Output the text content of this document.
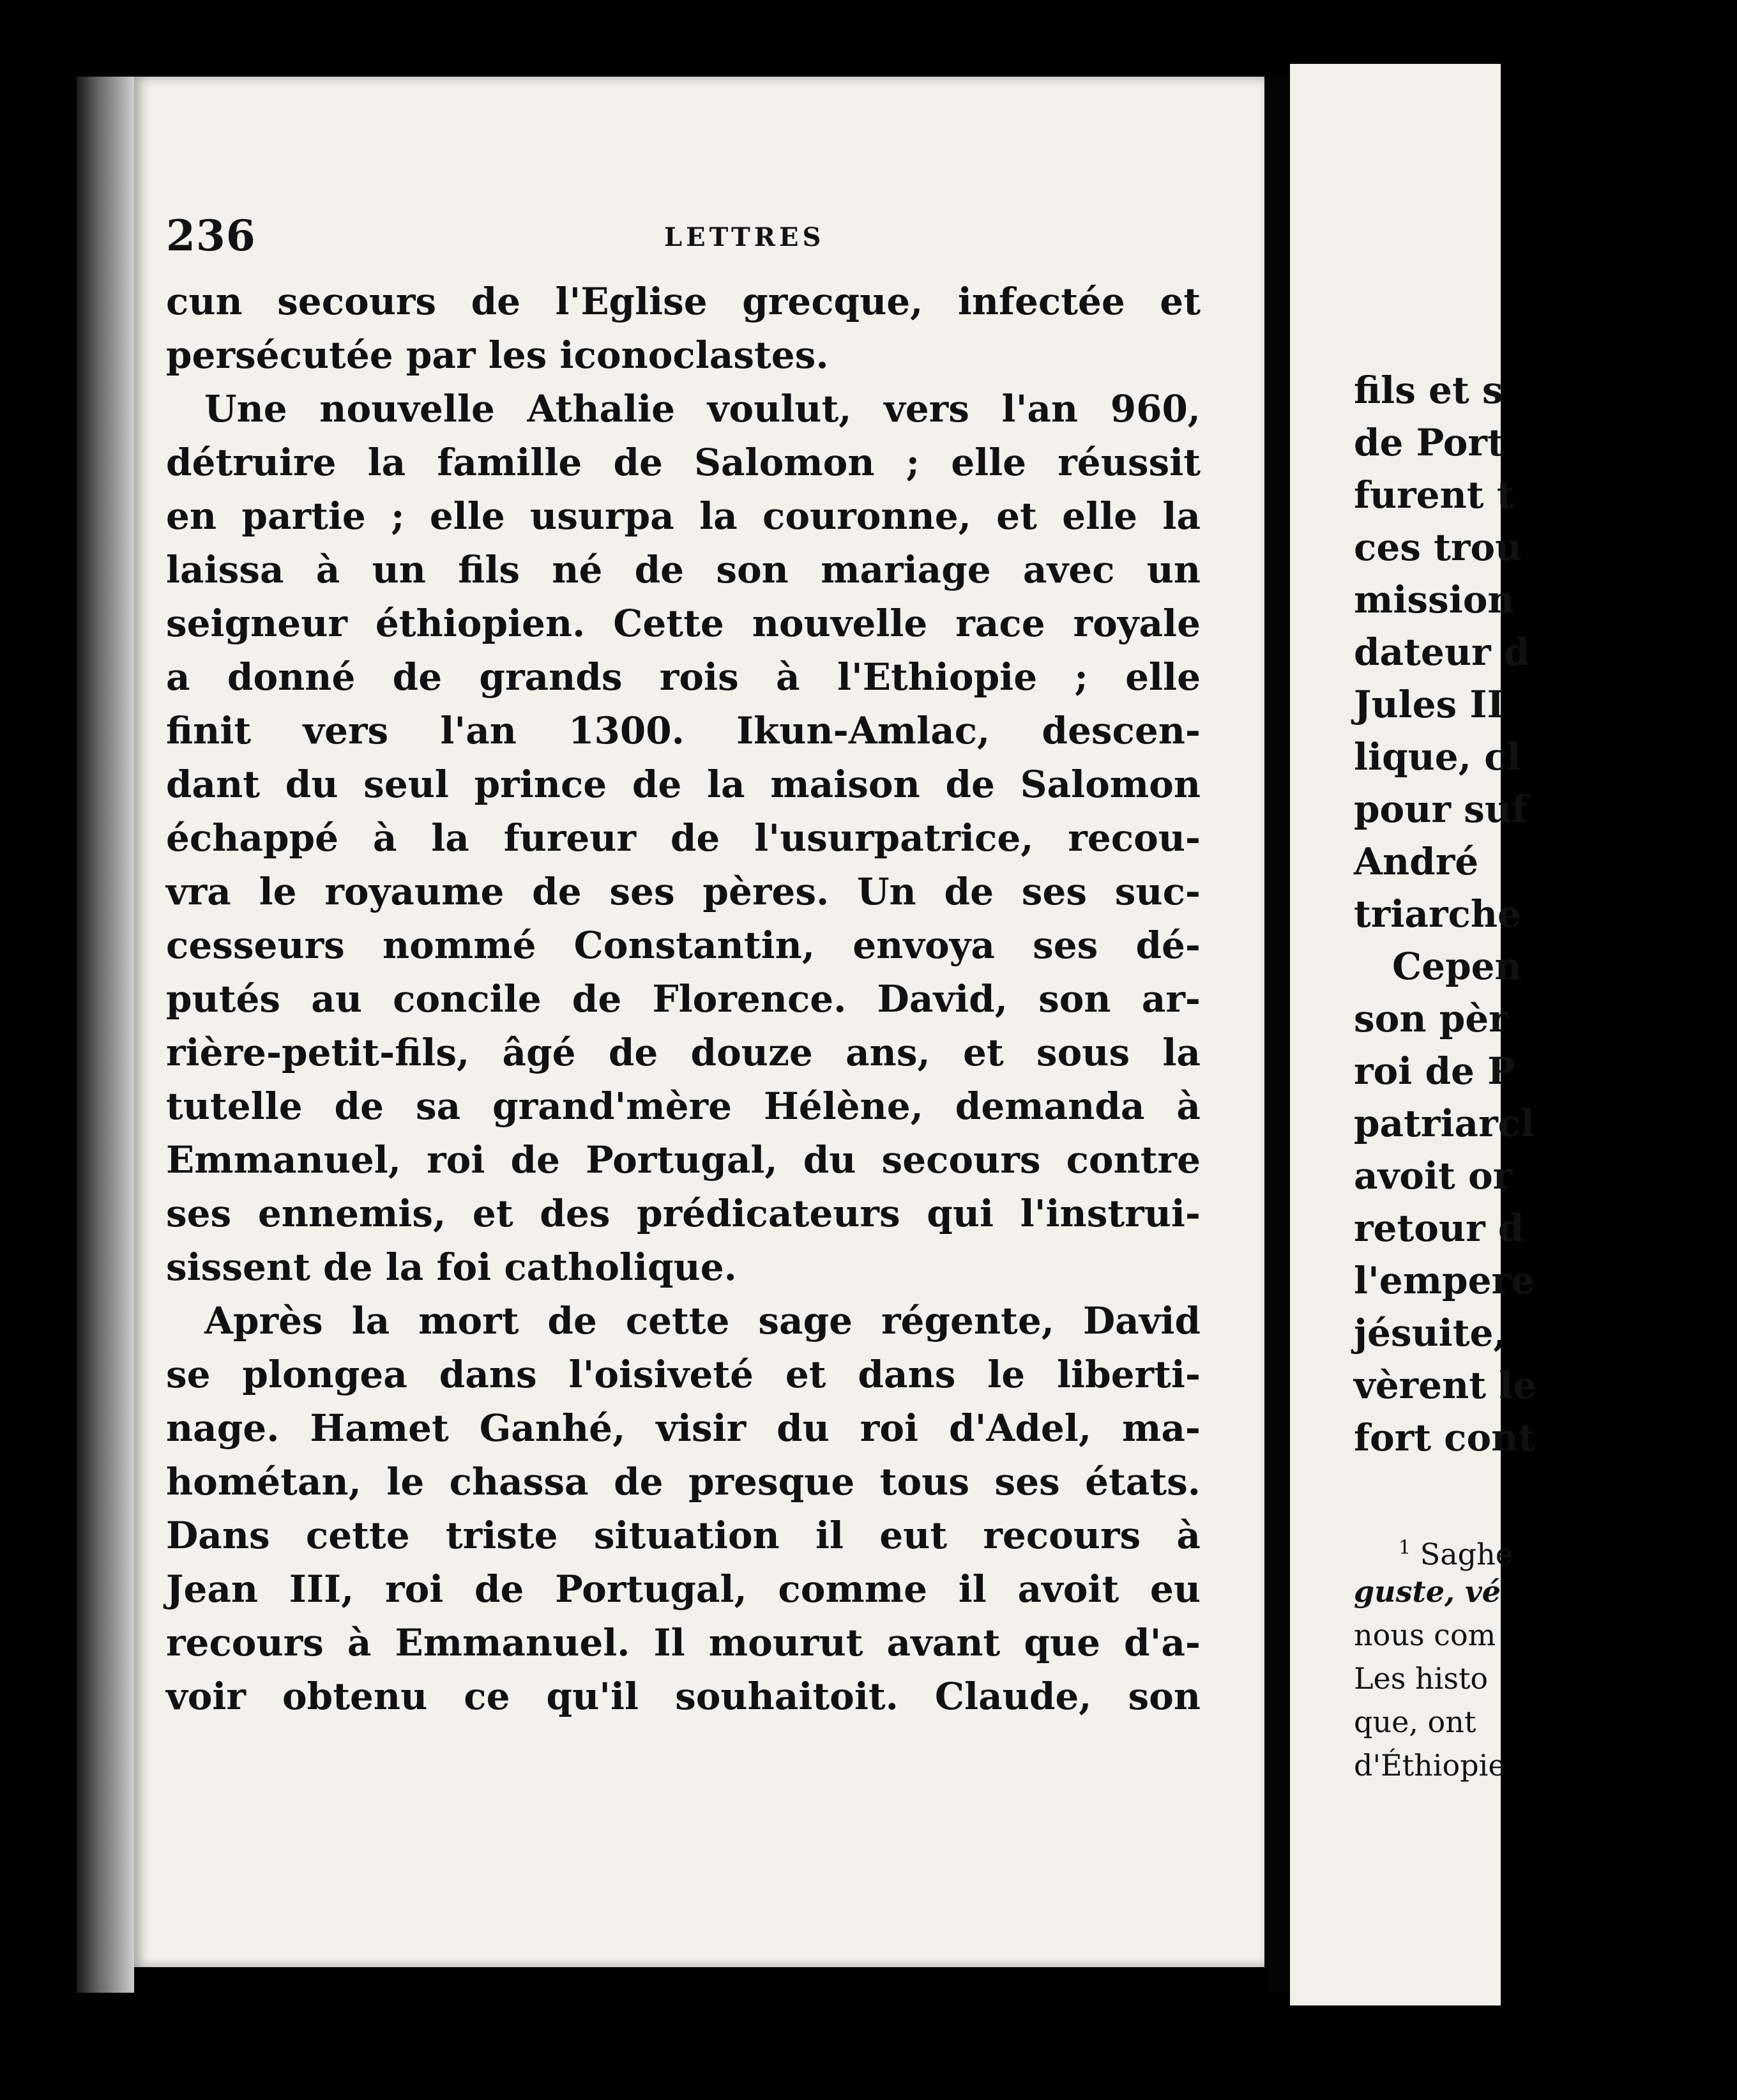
236	LETTRES
cun secours de l'Eglise grecque, infectée et
persécutée par les iconoclastes.
Une nouvelle Athalie voulut, vers l'an 960,
détruire la famille de Salomon ; elle réussit
en partie ; elle usurpa la couronne, et elle la
laissa à un fils né de son mariage avec un
seigneur éthiopien. Cette nouvelle race royale
a donné de grands rois à l'Ethiopie ; elle
finit vers l'an 1300. Ikun-Amlac, descen-
dant du seul prince de la maison de Salomon
échappé à la fureur de l'usurpatrice, recou-
vra le royaume de ses pères. Un de ses suc-
cesseurs nommé Constantin, envoya ses dé-
putés au concile de Florence. David, son ar-
rière-petit-fils, âgé de douze ans, et sous la
tutelle de sa grand'mère Hélène, demanda à
Emmanuel, roi de Portugal, du secours contre
ses ennemis, et des prédicateurs qui l'instrui-
sissent de la foi catholique.
Après la mort de cette sage régente, David
se plongea dans l'oisiveté et dans le liberti-
nage. Hamet Ganhé, visir du roi d'Adel, ma-
hométan, le chassa de presque tous ses états.
Dans cette triste situation il eut recours à
Jean III, roi de Portugal, comme il avoit eu
recours à Emmanuel. Il mourut avant que d'a-
voir obtenu ce qu'il souhaitoit. Claude, son
fils et s
de Port
furent t
ces trou
mission
dateur d
Jules II
lique, cl
pour suf
André
triarche
Cepen
son pèr
roi de P
patriarcl
avoit or
retour d
l'empere
jésuite,
vèrent le
fort cont
$^1$ Saghe
guste, vé
nous com
Les histo
que, ont
d'Éthiopie
